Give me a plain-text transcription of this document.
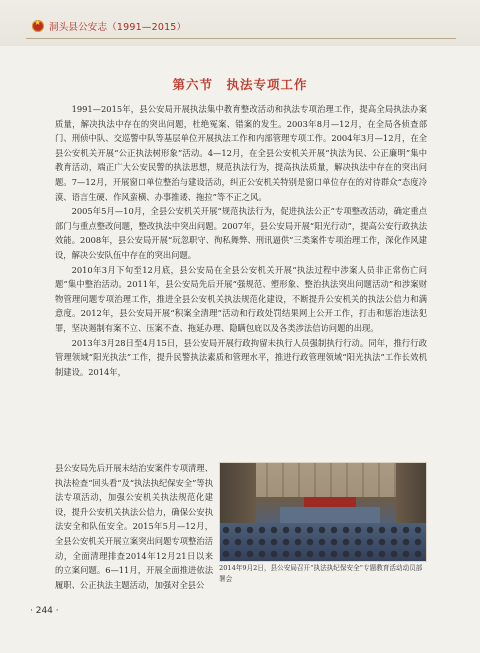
★
洞头县公安志（1991—2015）
第六节　执法专项工作

1991—2015年，县公安局开展执法集中教育整改活动和执法专项治理工作，提高全局执法办案质量，解决执法中存在的突出问题，杜绝冤案、错案的发生。2003年8月—12月，在全局各侦查部门、刑侦中队、交巡警中队等基层单位开展执法工作和内部管理专项工作。2004年3月—12月，在全县公安机关开展“公正执法树形象”活动。4—12月，在全县公安机关开展“执法为民、公正廉明”集中教育活动，端正广大公安民警的执法思想，规范执法行为，提高执法质量，解决执法中存在的突出问题。7—12月，开展窗口单位整治与建设活动，纠正公安机关特别是窗口单位存在的对待群众“态度冷漠、语言生硬、作风蛮横、办事推诿、拖拉”等不正之风。

2005年5月—10月，全县公安机关开展“规范执法行为，促进执法公正”专项整改活动，确定重点部门与重点整改问题，整改执法中突出问题。2007年，县公安局开展“阳光行动”，提高公安行政执法效能。2008年，县公安局开展“玩忽职守、徇私舞弊、刑讯逼供”三类案件专项治理工作，深化作风建设，解决公安队伍中存在的突出问题。

2010年3月下旬至12月底，县公安局在全县公安机关开展“执法过程中涉案人员非正常伤亡问题”集中整治活动。2011年，县公安局先后开展“强规范、塑形象、整治执法突出问题活动”和涉案财物管理问题专项治理工作，推进全县公安机关执法规范化建设，不断提升公安机关的执法公信力和满意度。2012年，县公安局开展“积案全清理”活动和行政处罚结果网上公开工作，打击和惩治违法犯罪，坚决遏制有案不立、压案不查、拖延办理、隐瞒包庇以及各类涉法信访问题的出现。

2013年3月28日至4月15日，县公安局开展行政拘留未执行人员强制执行行动。同年，推行行政管理领域“阳光执法”工作，提升民警执法素质和管理水平，推进行政管理领域“阳光执法”工作长效机制建设。2014年，

县公安局先后开展未结治安案件专项清理、执法检查“回头看”及“执法执纪保安全”等执法专项活动，加强公安机关执法规范化建设，提升公安机关执法公信力，确保公安执法安全和队伍安全。2015年5月—12月，全县公安机关开展立案突出问题专项整治活动，全面清理排查2014年12月21日以来的立案问题。6—11月，开展全面推进依法履职、公正执法主题活动，加强对全县公

2014年9月2日，县公安局召开“执法执纪保安全”专题教育活动动员部署会
· 244 ·
